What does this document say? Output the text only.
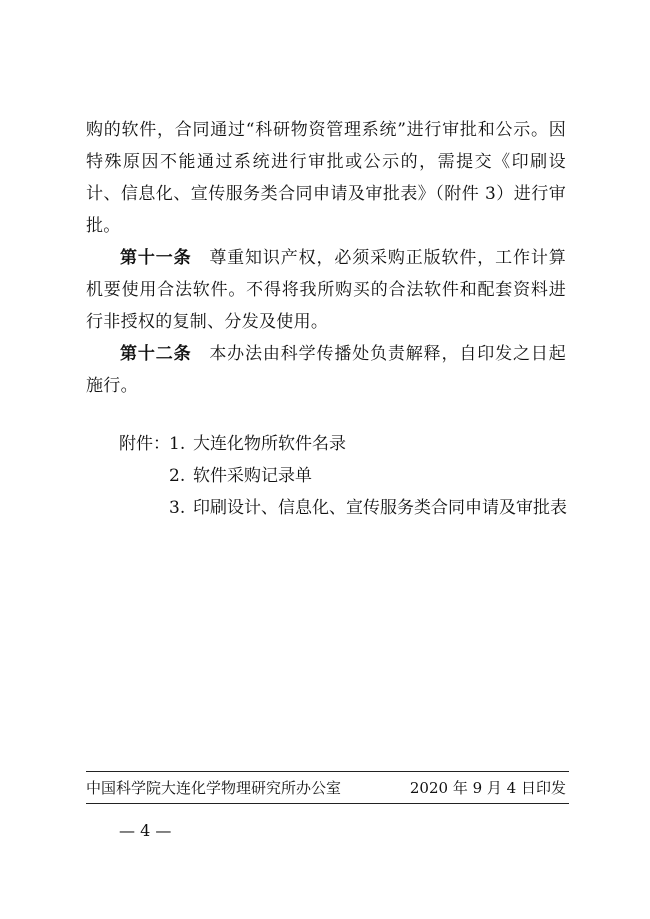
购的软件，合同通过“科研物资管理系统”进行审批和公示。因特殊原因不能通过系统进行审批或公示的，需提交《印刷设计、信息化、宣传服务类合同申请及审批表》（附件 3）进行审批。

第十一条　尊重知识产权，必须采购正版软件，工作计算机要使用合法软件。不得将我所购买的合法软件和配套资料进行非授权的复制、分发及使用。

第十二条　本办法由科学传播处负责解释，自印发之日起施行。

附件： 1. 大连化物所软件名录
2. 软件采购记录单
3. 印刷设计、信息化、宣传服务类合同申请及审批表
中国科学院大连化学物理研究所办公室	2020 年 9 月 4 日印发
— 4 —
